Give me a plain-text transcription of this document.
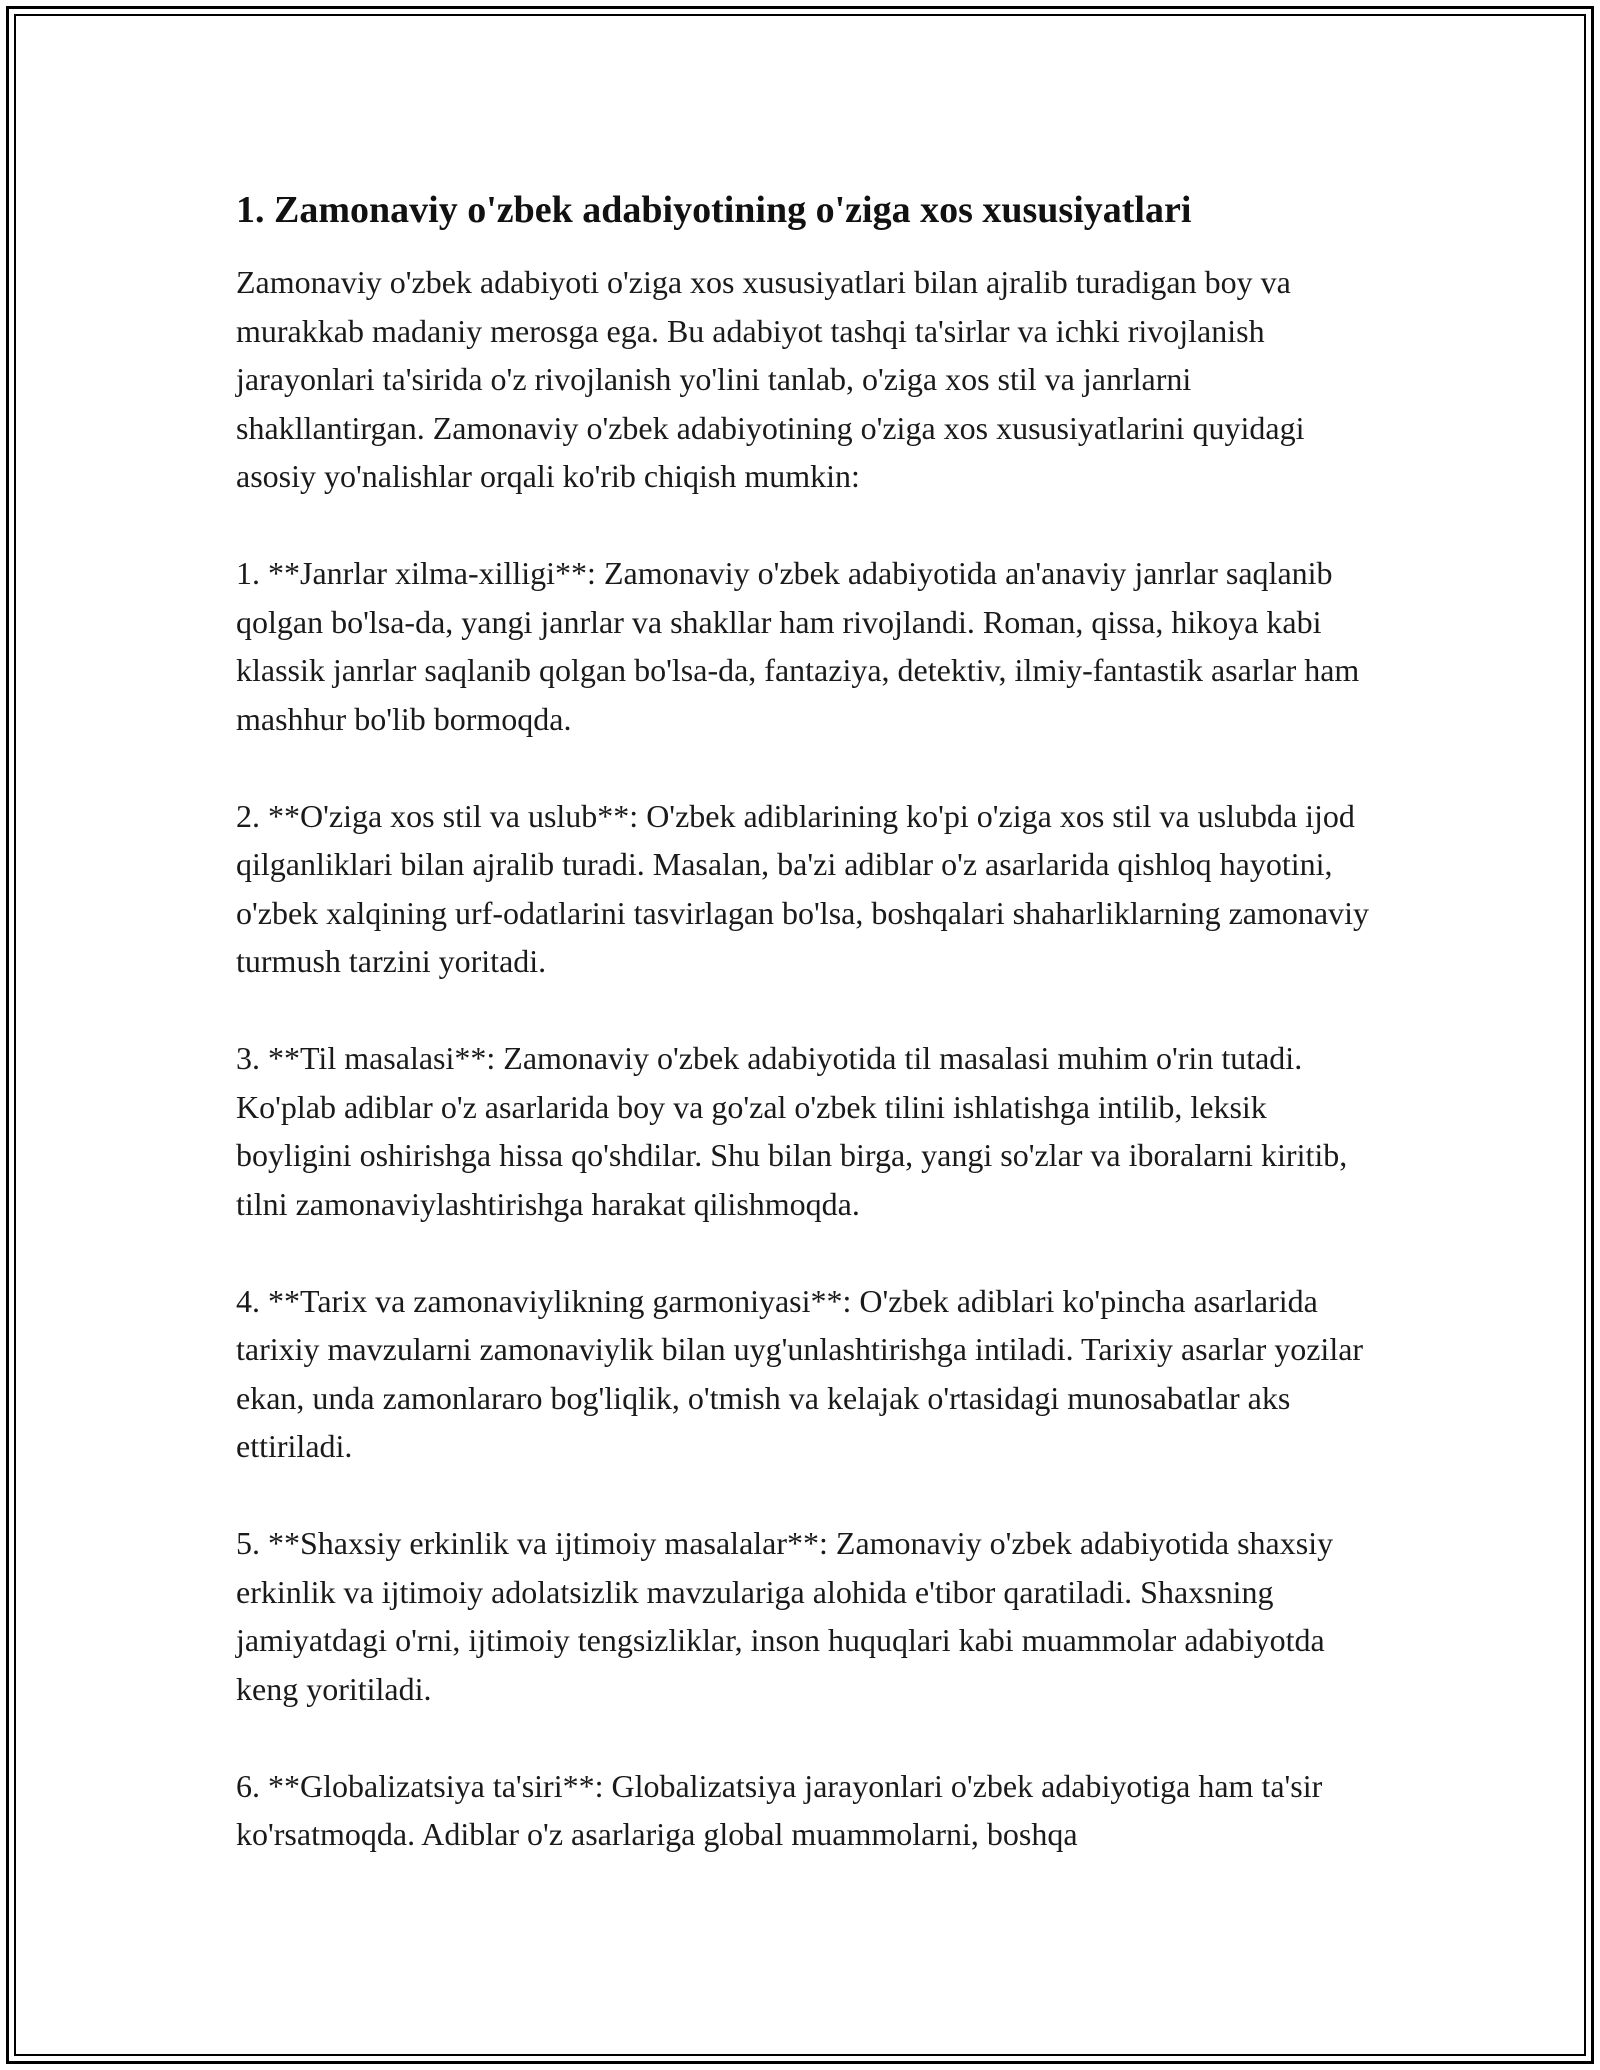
1. Zamonaviy o'zbek adabiyotining o'ziga xos xususiyatlari

Zamonaviy o'zbek adabiyoti o'ziga xos xususiyatlari bilan ajralib turadigan boy va murakkab madaniy merosga ega. Bu adabiyot tashqi ta'sirlar va ichki rivojlanish jarayonlari ta'sirida o'z rivojlanish yo'lini tanlab, o'ziga xos stil va janrlarni shakllantirgan. Zamonaviy o'zbek adabiyotining o'ziga xos xususiyatlarini quyidagi asosiy yo'nalishlar orqali ko'rib chiqish mumkin:

1. **Janrlar xilma-xilligi**: Zamonaviy o'zbek adabiyotida an'anaviy janrlar saqlanib qolgan bo'lsa-da, yangi janrlar va shakllar ham rivojlandi. Roman, qissa, hikoya kabi klassik janrlar saqlanib qolgan bo'lsa-da, fantaziya, detektiv, ilmiy-fantastik asarlar ham mashhur bo'lib bormoqda.

2. **O'ziga xos stil va uslub**: O'zbek adiblarining ko'pi o'ziga xos stil va uslubda ijod qilganliklari bilan ajralib turadi. Masalan, ba'zi adiblar o'z asarlarida qishloq hayotini, o'zbek xalqining urf-odatlarini tasvirlagan bo'lsa, boshqalari shaharliklarning zamonaviy turmush tarzini yoritadi.

3. **Til masalasi**: Zamonaviy o'zbek adabiyotida til masalasi muhim o'rin tutadi. Ko'plab adiblar o'z asarlarida boy va go'zal o'zbek tilini ishlatishga intilib, leksik boyligini oshirishga hissa qo'shdilar. Shu bilan birga, yangi so'zlar va iboralarni kiritib, tilni zamonaviylashtirishga harakat qilishmoqda.

4. **Tarix va zamonaviylikning garmoniyasi**: O'zbek adiblari ko'pincha asarlarida tarixiy mavzularni zamonaviylik bilan uyg'unlashtirishga intiladi. Tarixiy asarlar yozilar ekan, unda zamonlararo bog'liqlik, o'tmish va kelajak o'rtasidagi munosabatlar aks ettiriladi.

5. **Shaxsiy erkinlik va ijtimoiy masalalar**: Zamonaviy o'zbek adabiyotida shaxsiy erkinlik va ijtimoiy adolatsizlik mavzulariga alohida e'tibor qaratiladi. Shaxsning jamiyatdagi o'rni, ijtimoiy tengsizliklar, inson huquqlari kabi muammolar adabiyotda keng yoritiladi.

6. **Globalizatsiya ta'siri**: Globalizatsiya jarayonlari o'zbek adabiyotiga ham ta'sir ko'rsatmoqda. Adiblar o'z asarlariga global muammolarni, boshqa
